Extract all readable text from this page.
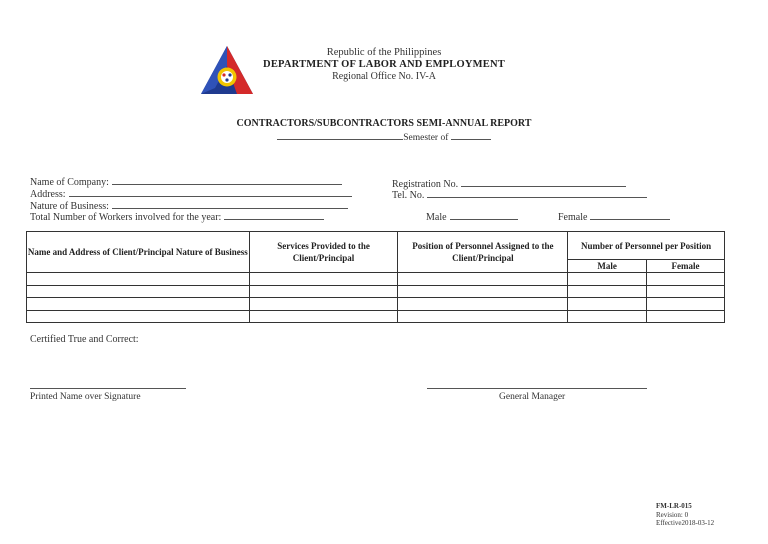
Republic of the Philippines
DEPARTMENT OF LABOR AND EMPLOYMENT
Regional Office No. IV-A
CONTRACTORS/SUBCONTRACTORS SEMI-ANNUAL REPORT
Semester of
Name of Company:
Address:
Nature of Business:
Total Number of Workers involved for the year:
Registration No.
Tel. No.
Male	Female
Name and Address of Client/Principal Nature of Business	Services Provided to the Client/Principal	Position of Personnel Assigned to the Client/Principal	Number of Personnel per Position	
			Male	Female

Certified True and Correct:
Printed Name over Signature	General Manager
FM-LR-015
Revision: 0
Effective2018-03-12
